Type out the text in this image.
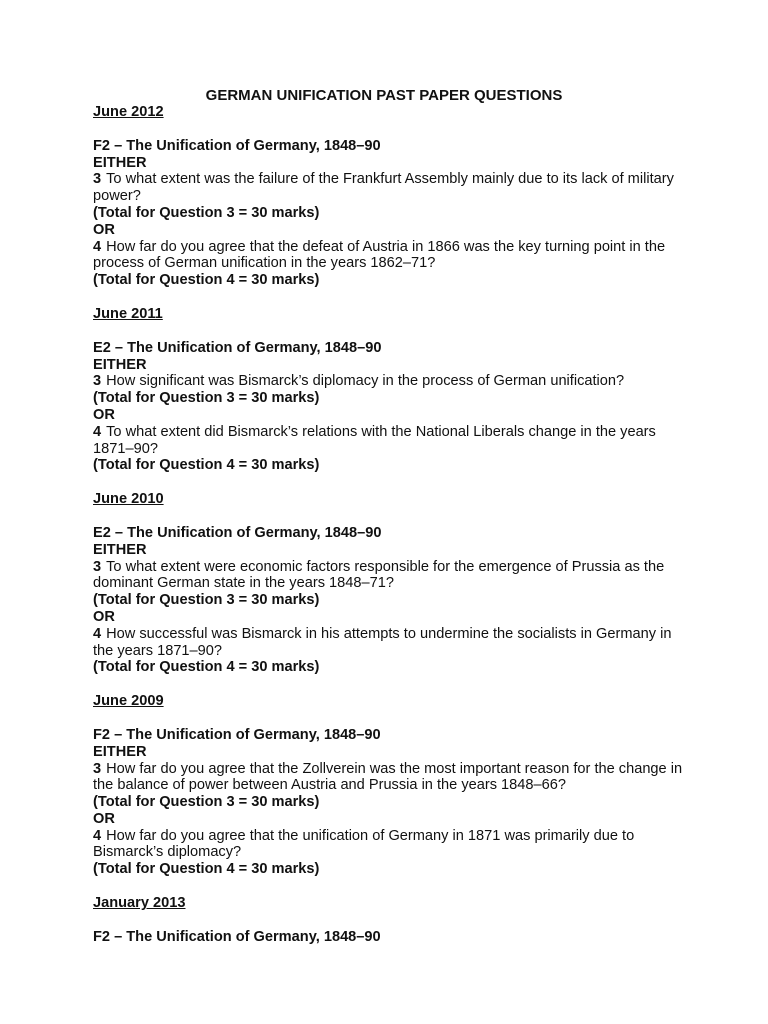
GERMAN UNIFICATION PAST PAPER QUESTIONS
June 2012
F2 – The Unification of Germany, 1848–90
EITHER
3 To what extent was the failure of the Frankfurt Assembly mainly due to its lack of military power?
(Total for Question 3 = 30 marks)
OR
4 How far do you agree that the defeat of Austria in 1866 was the key turning point in the process of German unification in the years 1862–71?
(Total for Question 4 = 30 marks)
June 2011
E2 – The Unification of Germany, 1848–90
EITHER
3 How significant was Bismarck’s diplomacy in the process of German unification?
(Total for Question 3 = 30 marks)
OR
4 To what extent did Bismarck’s relations with the National Liberals change in the years 1871–90?
(Total for Question 4 = 30 marks)
June 2010
E2 – The Unification of Germany, 1848–90
EITHER
3 To what extent were economic factors responsible for the emergence of Prussia as the dominant German state in the years 1848–71?
(Total for Question 3 = 30 marks)
OR
4 How successful was Bismarck in his attempts to undermine the socialists in Germany in the years 1871–90?
(Total for Question 4 = 30 marks)
June 2009
F2 – The Unification of Germany, 1848–90
EITHER
3 How far do you agree that the Zollverein was the most important reason for the change in the balance of power between Austria and Prussia in the years 1848–66?
(Total for Question 3 = 30 marks)
OR
4 How far do you agree that the unification of Germany in 1871 was primarily due to Bismarck’s diplomacy?
(Total for Question 4 = 30 marks)
January 2013
F2 – The Unification of Germany, 1848–90
